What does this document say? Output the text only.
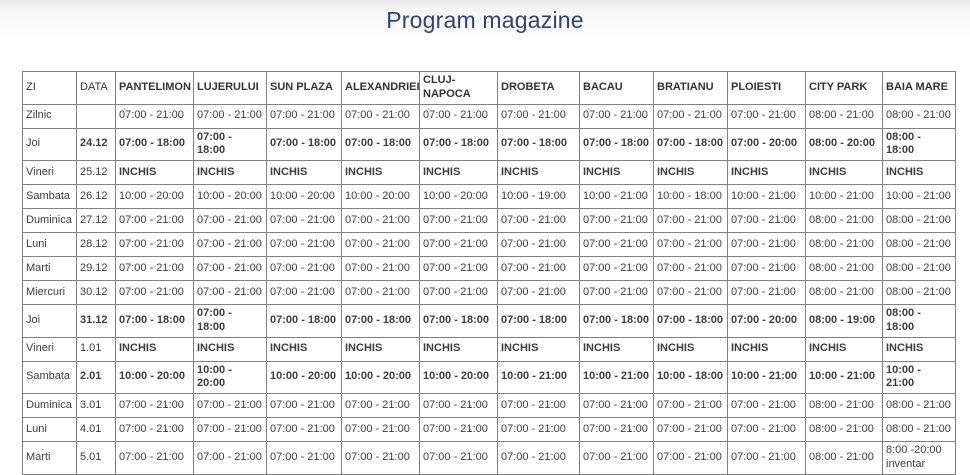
Program magazine
ZI	DATA	PANTELIMON	LUJERULUI	SUN PLAZA	ALEXANDRIEI	CLUJ-NAPOCA	DROBETA	BACAU	BRATIANU	PLOIESTI	CITY PARK	BAIA MARE
Zilnic		07:00 - 21:00	07:00 - 21:00	07:00 - 21:00	07:00 - 21:00	07:00 - 21:00	07:00 - 21:00	07:00 - 21:00	07:00 - 21:00	07:00 - 21:00	08:00 - 21:00	08:00 - 21:00
Joi	24.12	07:00 - 18:00	07:00 - 18:00	07:00 - 18:00	07:00 - 18:00	07:00 - 18:00	07:00 - 18:00	07:00 - 18:00	07:00 - 18:00	07:00 - 20:00	08:00 - 20:00	08:00 - 18:00
Vineri	25.12	INCHIS	INCHIS	INCHIS	INCHIS	INCHIS	INCHIS	INCHIS	INCHIS	INCHIS	INCHIS	INCHIS
Sambata	26.12	10:00 - 20:00	10:00 - 20:00	10:00 - 20:00	10:00 - 20:00	10:00 - 20:00	10:00 - 19:00	10:00 - 21:00	10:00 - 18:00	10:00 - 21:00	10:00 - 21:00	10:00 - 21:00
Duminica	27.12	07:00 - 21:00	07:00 - 21:00	07:00 - 21:00	07:00 - 21:00	07:00 - 21:00	07:00 - 21:00	07:00 - 21:00	07:00 - 21:00	07:00 - 21:00	08:00 - 21:00	08:00 - 21:00
Luni	28.12	07:00 - 21:00	07:00 - 21:00	07:00 - 21:00	07:00 - 21:00	07:00 - 21:00	07:00 - 21:00	07:00 - 21:00	07:00 - 21:00	07:00 - 21:00	08:00 - 21:00	08:00 - 21:00
Marti	29.12	07:00 - 21:00	07:00 - 21:00	07:00 - 21:00	07:00 - 21:00	07:00 - 21:00	07:00 - 21:00	07:00 - 21:00	07:00 - 21:00	07:00 - 21:00	08:00 - 21:00	08:00 - 21:00
Miercuri	30.12	07:00 - 21:00	07:00 - 21:00	07:00 - 21:00	07:00 - 21:00	07:00 - 21:00	07:00 - 21:00	07:00 - 21:00	07:00 - 21:00	07:00 - 21:00	08:00 - 21:00	08:00 - 21:00
Joi	31.12	07:00 - 18:00	07:00 - 18:00	07:00 - 18:00	07:00 - 18:00	07:00 - 18:00	07:00 - 18:00	07:00 - 18:00	07:00 - 18:00	07:00 - 20:00	08:00 - 19:00	08:00 - 18:00
Vineri	1.01	INCHIS	INCHIS	INCHIS	INCHIS	INCHIS	INCHIS	INCHIS	INCHIS	INCHIS	INCHIS	INCHIS
Sambata	2.01	10:00 - 20:00	10:00 - 20:00	10:00 - 20:00	10:00 - 20:00	10:00 - 20:00	10:00 - 21:00	10:00 - 21:00	10:00 - 18:00	10:00 - 21:00	10:00 - 21:00	10:00 - 21:00
Duminica	3.01	07:00 - 21:00	07:00 - 21:00	07:00 - 21:00	07:00 - 21:00	07:00 - 21:00	07:00 - 21:00	07:00 - 21:00	07:00 - 21:00	07:00 - 21:00	08:00 - 21:00	08:00 - 21:00
Luni	4.01	07:00 - 21:00	07:00 - 21:00	07:00 - 21:00	07:00 - 21:00	07:00 - 21:00	07:00 - 21:00	07:00 - 21:00	07:00 - 21:00	07:00 - 21:00	08:00 - 21:00	08:00 - 21:00
Marti	5.01	07:00 - 21:00	07:00 - 21:00	07:00 - 21:00	07:00 - 21:00	07:00 - 21:00	07:00 - 21:00	07:00 - 21:00	07:00 - 21:00	07:00 - 21:00	08:00 - 21:00	8:00 -20:00
inventar
